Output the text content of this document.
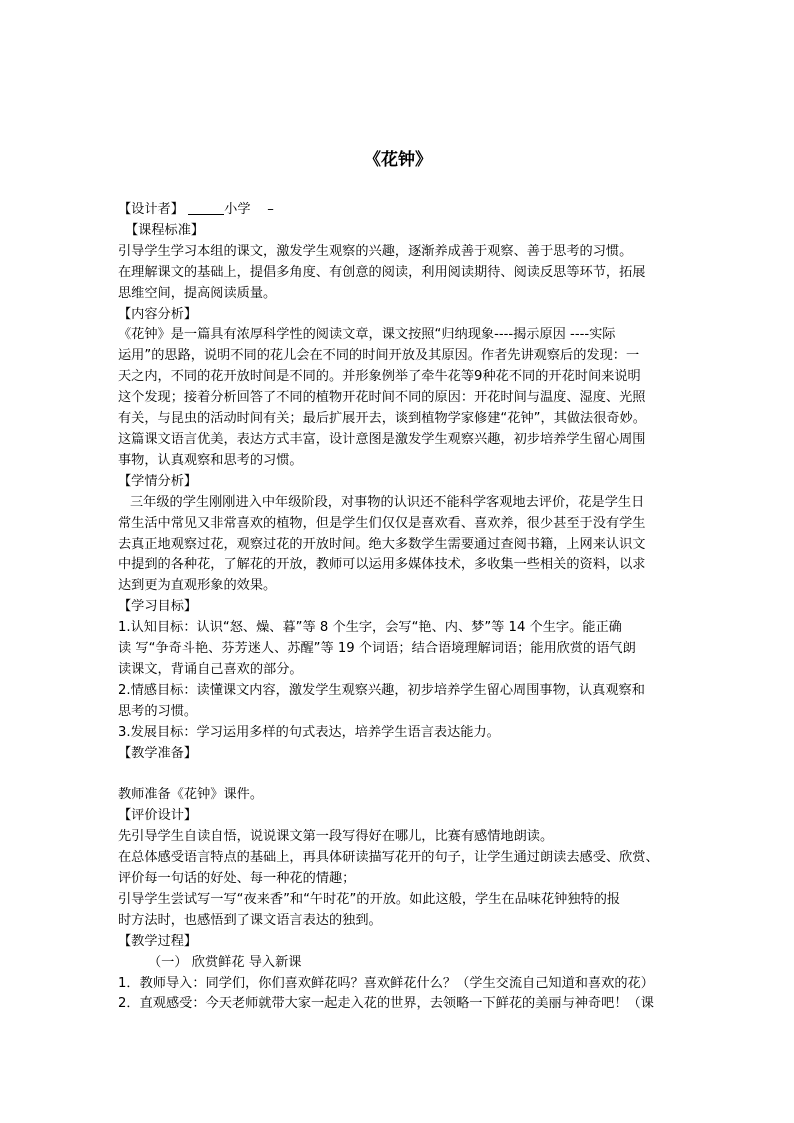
《花钟》

【设计者】	小学 –

【课程标准】

引导学生学习本组的课文，激发学生观察的兴趣，逐渐养成善于观察、善于思考的习惯。

在理解课文的基础上，提倡多角度、有创意的阅读，利用阅读期待、阅读反思等环节，拓展

思维空间，提高阅读质量。

【内容分析】

《花钟》是一篇具有浓厚科学性的阅读文章，课文按照“归纳现象----揭示原因 ----实际

运用”的思路，说明不同的花儿会在不同的时间开放及其原因。作者先讲观察后的发现：一

天之内，不同的花开放时间是不同的。并形象例举了牵牛花等9种花不同的开花时间来说明

这个发现；接着分析回答了不同的植物开花时间不同的原因：开花时间与温度、湿度、光照

有关，与昆虫的活动时间有关；最后扩展开去，谈到植物学家修建“花钟”，其做法很奇妙。

这篇课文语言优美，表达方式丰富，设计意图是激发学生观察兴趣，初步培养学生留心周围

事物，认真观察和思考的习惯。

【学情分析】

三年级的学生刚刚进入中年级阶段，对事物的认识还不能科学客观地去评价，花是学生日

常生活中常见又非常喜欢的植物，但是学生们仅仅是喜欢看、喜欢养，很少甚至于没有学生

去真正地观察过花，观察过花的开放时间。绝大多数学生需要通过查阅书籍，上网来认识文

中提到的各种花，了解花的开放，教师可以运用多媒体技术，多收集一些相关的资料，以求

达到更为直观形象的效果。

【学习目标】

1.认知目标：认识“怒、燥、暮”等 8 个生字，会写“艳、内、梦”等 14 个生字。能正确

读 写“争奇斗艳、芬芳迷人、苏醒”等 19 个词语；结合语境理解词语；能用欣赏的语气朗

读课文，背诵自己喜欢的部分。

2.情感目标：读懂课文内容，激发学生观察兴趣，初步培养学生留心周围事物，认真观察和

思考的习惯。

3.发展目标：学习运用多样的句式表达，培养学生语言表达能力。

【教学准备】

教师准备《花钟》课件。

【评价设计】

先引导学生自读自悟，说说课文第一段写得好在哪儿，比赛有感情地朗读。

在总体感受语言特点的基础上，再具体研读描写花开的句子，让学生通过朗读去感受、欣赏、

评价每一句话的好处、每一种花的情趣；

引导学生尝试写一写“夜来香”和“午时花”的开放。如此这般，学生在品味花钟独特的报

时方法时，也感悟到了课文语言表达的独到。

【教学过程】

（一） 欣赏鲜花 导入新课

1．教师导入：同学们，你们喜欢鲜花吗？喜欢鲜花什么？（学生交流自己知道和喜欢的花）

2．直观感受：今天老师就带大家一起走入花的世界，去领略一下鲜花的美丽与神奇吧！（课
